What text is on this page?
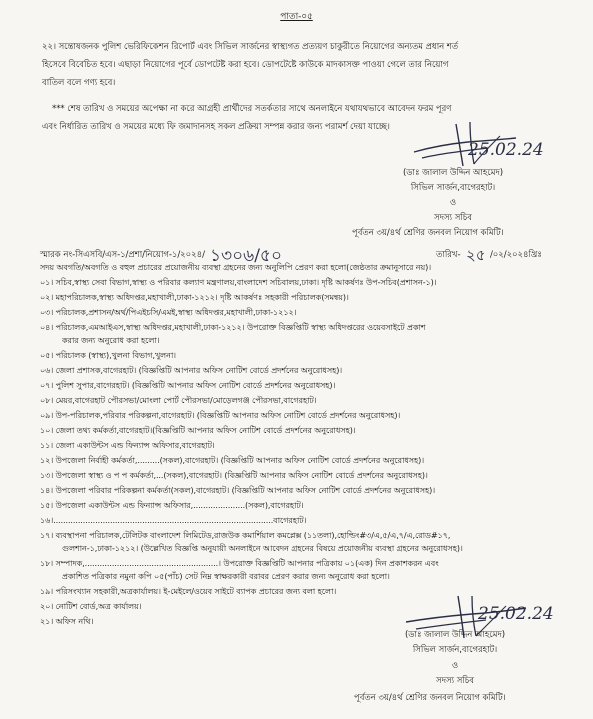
পাতা-০৫
২২। সন্তোষজনক পুলিশ ভেরিফিকেশন রিপোর্ট এবং সিভিল সার্জনের স্বাস্থ্যগত প্রত্যয়ণ চাকুরীতে নিয়োগের অন্যতম প্রধান শর্ত
হিসেবে বিবেচিত হবে। এছাড়া নিয়োগের পূর্বে ডোপটেষ্ট করা হবে। ডোপটেষ্টে কাউকে মাদকাসক্ত পাওয়া গেলে তার নিয়োগ
বাতিল বলে গণ্য হবে।
*** শেষ তারিখ ও সময়ের অপেক্ষা না করে আগ্রহী প্রার্থীদের সতর্কতার সাথে অনলাইনে যথাযথভাবে আবেদন ফরম পূরণ
এবং নির্ধারিত তারিখ ও সময়ের মধ্যে ফি জমাদানসহ সকল প্রক্রিয়া সম্পন্ন করার জন্য পরামর্শ দেয়া যাচ্ছে।
25.02.24
(ডাঃ জালাল উদ্দিন আহমেদ)
সিভিল সার্জন,বাগেরহাট।
ও
সদস্য সচিব
পূর্বতন ৩য়/৪র্থ শ্রেণির জনবল নিয়োগ কমিটি।
স্মারক নং-সিএসবি/এস-১/প্রশা/নিয়োগ-১/২০২৪/ ১৩০৬/৫০	তারিখ- ২৫ /০২/২০২৪খ্রিঃ
সদয় অবগতি/অবগতি ও বহুল প্রচারের প্রয়োজনীয় ব্যবস্থা গ্রহনের জন্য অনুলিপি প্রেরণ করা হলো(জেষ্ঠতার ক্রমানুসারে নয়)।
০১। সচিব,স্বাস্থ্য সেবা বিভাগ,স্বাস্থ্য ও পরিবার কল্যাণ মন্ত্রণালয়,বাংলাদেশ সচিবালয়,ঢাকা। দৃষ্টি আকর্ষণঃ উপ-সচিব(প্রশাসন-১)।
০২। মহাপরিচালক,স্বাস্থ্য অধিদপ্তর,মহাখালী,ঢাকা-১২১২। দৃষ্টি আকর্ষণঃ সহকারী পরিচালক(সমন্বয়)।
০৩। পরিচালক,প্রশাসন/অর্থ/পিএইচসি/এমই,স্বাস্থ্য অধিদপ্তর,মহাখালী,ঢাকা-১২১২।
০৪। পরিচালক,এমআইএস,স্বাস্থ্য অধিদপ্তর,মহাখালী,ঢাকা-১২১২। উপরোক্ত বিজ্ঞপ্তিটি স্বাস্থ্য অধিদপ্তরের ওয়েবসাইটে প্রকাশ
করার জন্য অনুরোধ করা হলো।
০৫। পরিচালক (স্বাস্থ্য),খুলনা বিভাগ,খুলনা।
০৬। জেলা প্রশাসক,বাগেরহাট। (বিজ্ঞপ্তিটি আপনার অফিস নোটিশ বোর্ডে প্রদর্শনের অনুরোধসহ)।
০৭। পুলিশ সুপার,বাগেরহাট। (বিজ্ঞপ্তিটি আপনার অফিস নোটিশ বোর্ডে প্রদর্শনের অনুরোধসহ)।
০৮। মেয়র,বাগেরহাট পৌরসভা/মোংলা পোর্ট পৌরসভা/মোড়েলগঞ্জ পৌরসভা,বাগেরহাট।
০৯। উপ-পরিচালক,পরিবার পরিকল্পনা,বাগেরহাট। (বিজ্ঞপ্তিটি আপনার অফিস নোটিশ বোর্ডে প্রদর্শনের অনুরোধসহ)।
১০। জেলা তথ্য কর্মকর্তা,বাগেরহাট।(বিজ্ঞপ্তিটি আপনার অফিস নোটিশ বোর্ডে প্রদর্শনের অনুরোধসহ)।
১১। জেলা একাউন্টস এন্ড ফিন্যান্স অফিসার,বাগেরহাট।
১২। উপজেলা নির্বাহী কর্মকর্তা,.........(সকল),বাগেরহাট। (বিজ্ঞপ্তিটি আপনার অফিস নোটিশ বোর্ডে প্রদর্শনের অনুরোধসহ)।
১৩। উপজেলা স্বাস্থ্য ও প প কর্মকর্তা,...(সকল),বাগেরহাট। (বিজ্ঞপ্তিটি আপনার অফিস নোটিশ বোর্ডে প্রদর্শনের অনুরোধসহ)।
১৪। উপজেলা পরিবার পরিকল্পনা কর্মকর্তা(সকল),বাগেরহাট। (বিজ্ঞপ্তিটি আপনার অফিস নোটিশ বোর্ডে প্রদর্শনের অনুরোধসহ)।
১৫। উপজেলা একাউন্টস এন্ড ফিন্যান্স অফিসার,.....................(সকল),বাগেরহাট।
১৬।.........................................................................................বাগেরহাট।
১৭। ব্যবস্থাপনা পরিচালক,টেলিটক বাংলাদেশ লিমিটেড,রাজউক কমার্শিয়াল কমপ্লেক্স (১১তলা),হোল্ডিং#৩/এ,৫/এ,৭/এ,রোড#১৭,
গুলশান-১,ঢাকা-১২১২। (উল্লেখিত বিজ্ঞপ্তি অনুযায়ী অনলাইনে আবেদন গ্রহনের বিষয়ে প্রয়োজনীয় ব্যবস্থা গ্রহনের অনুরোধসহ)।
১৮। সম্পাদক,......................................................। উপরোক্ত বিজ্ঞপ্তিটি আপনার পত্রিকায় ০১(এক) দিন প্রকাশকরন এবং
প্রকাশিত পত্রিকার নমুনা কপি ০৫(পাঁচ) সেট নিম্ন স্বাক্ষরকারী বরাবর প্রেরণ করার জন্য অনুরোধ করা হলো।
১৯। পরিসংখ্যান সহকারী,অত্রকার্যালয়। ই-মেইলে/ওয়েব সাইটে ব্যাপক প্রচারের জন্য বলা হলো।
২০। নোটিশ বোর্ড,অত্র কার্যালয়।
২১। অফিস নথি।	25.02.24
(ডাঃ জালাল উদ্দিন আহমেদ)
সিভিল সার্জন,বাগেরহাট।
ও
সদস্য সচিব
পূর্বতন ৩য়/৪র্থ শ্রেণির জনবল নিয়োগ কমিটি।
